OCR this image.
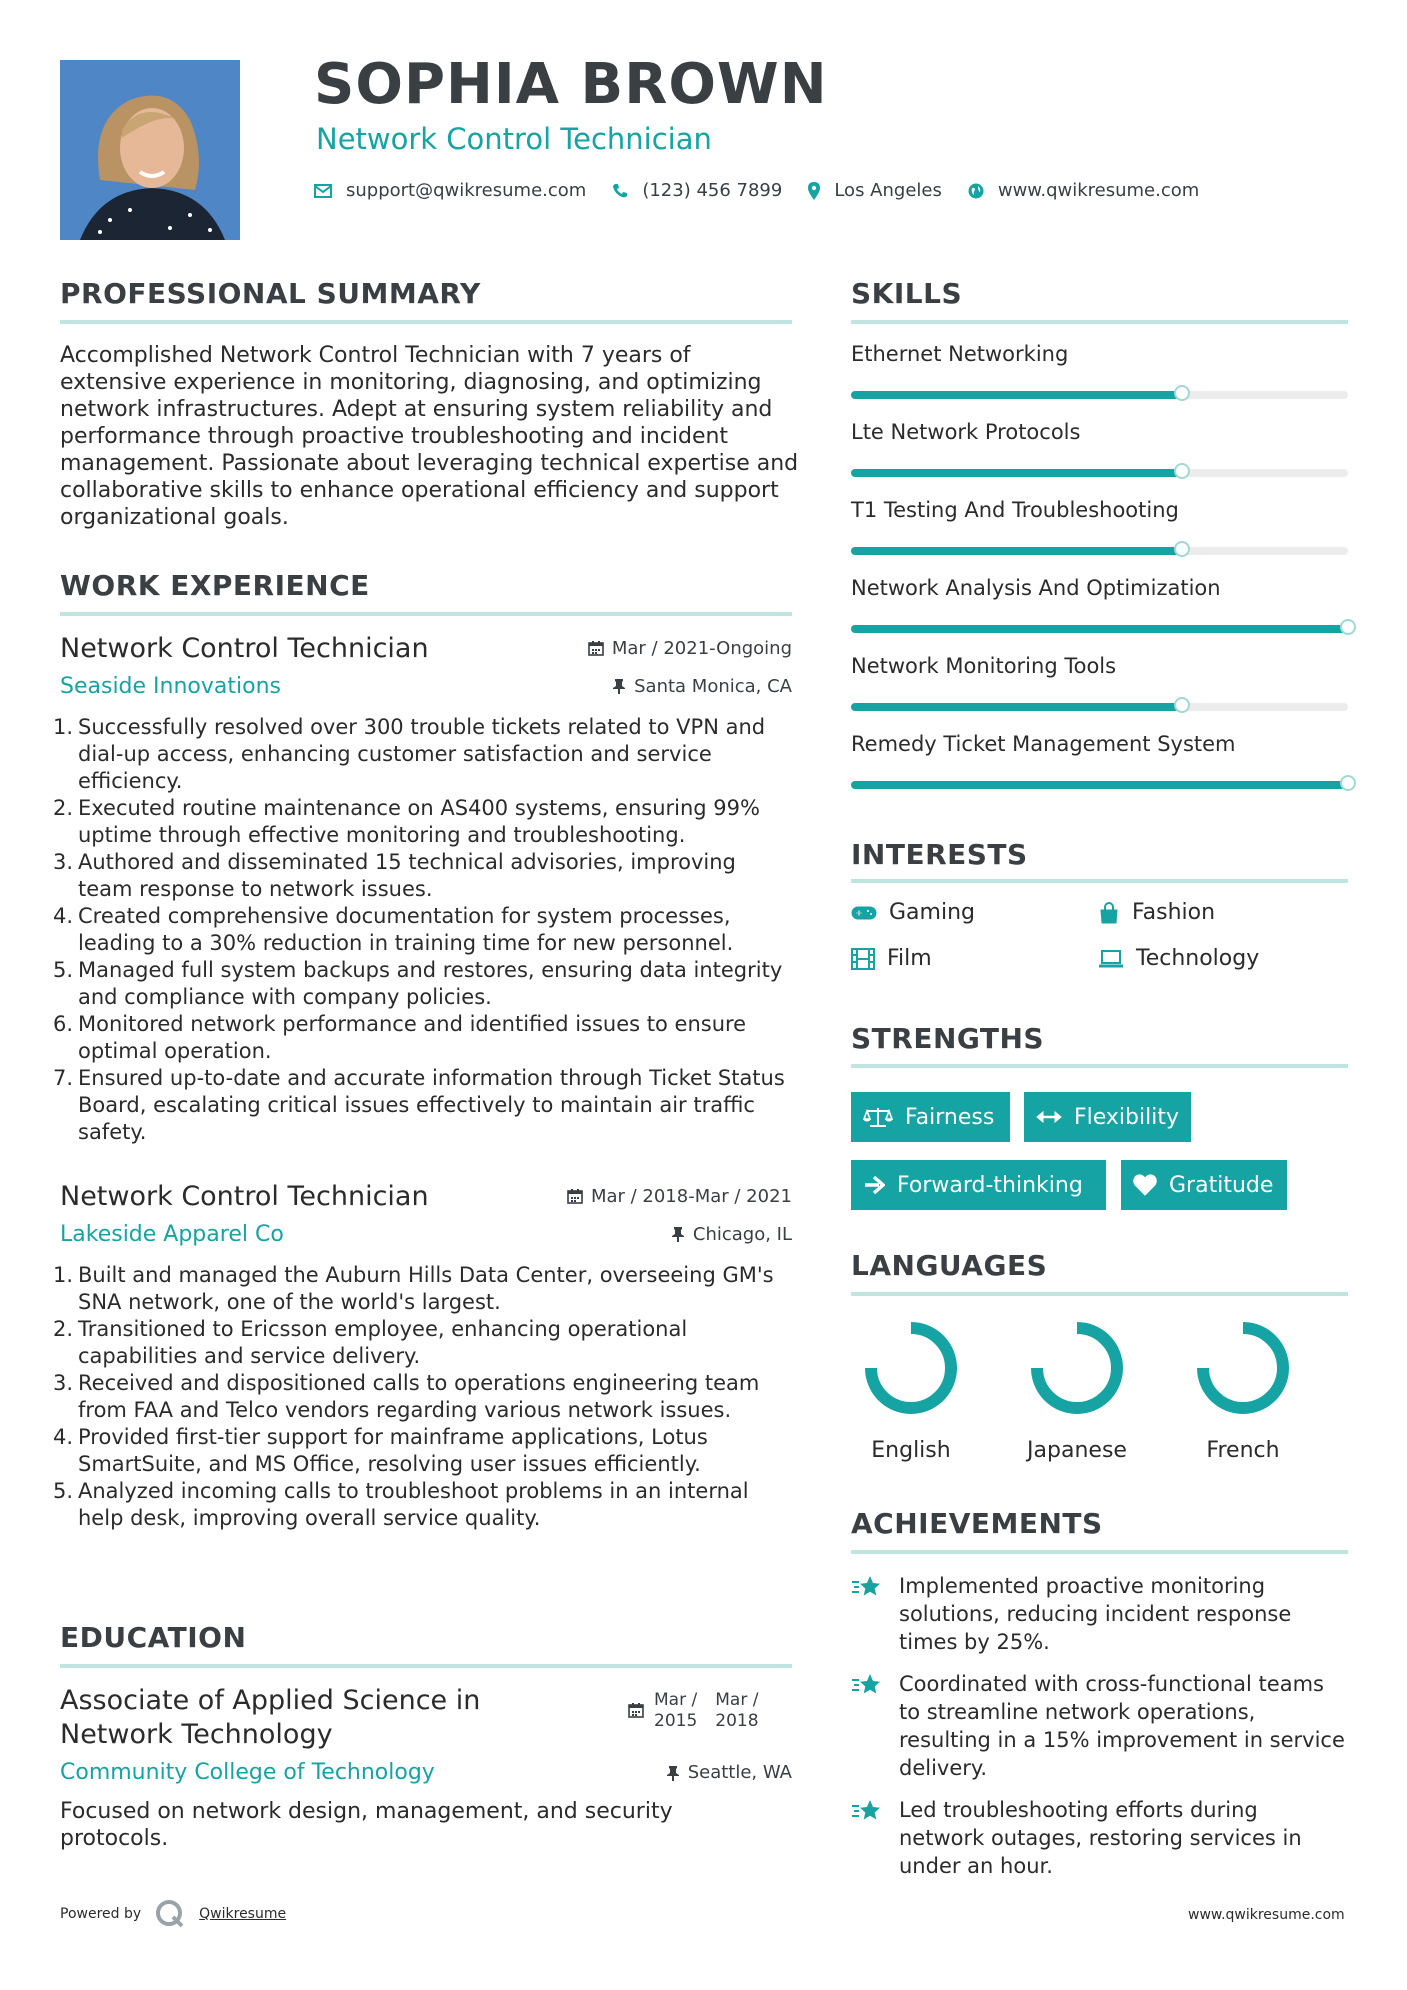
SOPHIA BROWN
Network Control Technician
support@qwikresume.com	(123) 456 7899	Los Angeles	www.qwikresume.com
PROFESSIONAL SUMMARY
Accomplished Network Control Technician with 7 years of extensive experience in monitoring, diagnosing, and optimizing network infrastructures. Adept at ensuring system reliability and performance through proactive troubleshooting and incident management. Passionate about leveraging technical expertise and collaborative skills to enhance operational efficiency and support organizational goals.
WORK EXPERIENCE
Network Control Technician	Mar / 2021-Ongoing
Seaside Innovations	Santa Monica, CA
1. Successfully resolved over 300 trouble tickets related to VPN and dial-up access, enhancing customer satisfaction and service efficiency.
2. Executed routine maintenance on AS400 systems, ensuring 99% uptime through effective monitoring and troubleshooting.
3. Authored and disseminated 15 technical advisories, improving team response to network issues.
4. Created comprehensive documentation for system processes, leading to a 30% reduction in training time for new personnel.
5. Managed full system backups and restores, ensuring data integrity and compliance with company policies.
6. Monitored network performance and identified issues to ensure optimal operation.
7. Ensured up-to-date and accurate information through Ticket Status Board, escalating critical issues effectively to maintain air traffic safety.
Network Control Technician	Mar / 2018-Mar / 2021
Lakeside Apparel Co	Chicago, IL
1. Built and managed the Auburn Hills Data Center, overseeing GM's SNA network, one of the world's largest.
2. Transitioned to Ericsson employee, enhancing operational capabilities and service delivery.
3. Received and dispositioned calls to operations engineering team from FAA and Telco vendors regarding various network issues.
4. Provided first-tier support for mainframe applications, Lotus SmartSuite, and MS Office, resolving user issues efficiently.
5. Analyzed incoming calls to troubleshoot problems in an internal help desk, improving overall service quality.
EDUCATION
Associate of Applied Science in
Network Technology
Mar /
2015
Mar /
2018
Community College of Technology	Seattle, WA
Focused on network design, management, and security protocols.
SKILLS
Ethernet Networking
Lte Network Protocols
T1 Testing And Troubleshooting
Network Analysis And Optimization
Network Monitoring Tools
Remedy Ticket Management System
INTERESTS
Gaming	Fashion
Film	Technology
STRENGTHS
Fairness	Flexibility
Forward-thinking	Gratitude
LANGUAGES
English	Japanese	French
ACHIEVEMENTS
Implemented proactive monitoring solutions, reducing incident response times by 25%.
Coordinated with cross-functional teams to streamline network operations, resulting in a 15% improvement in service delivery.
Led troubleshooting efforts during network outages, restoring services in under an hour.
Powered by	Qwikresume	www.qwikresume.com
